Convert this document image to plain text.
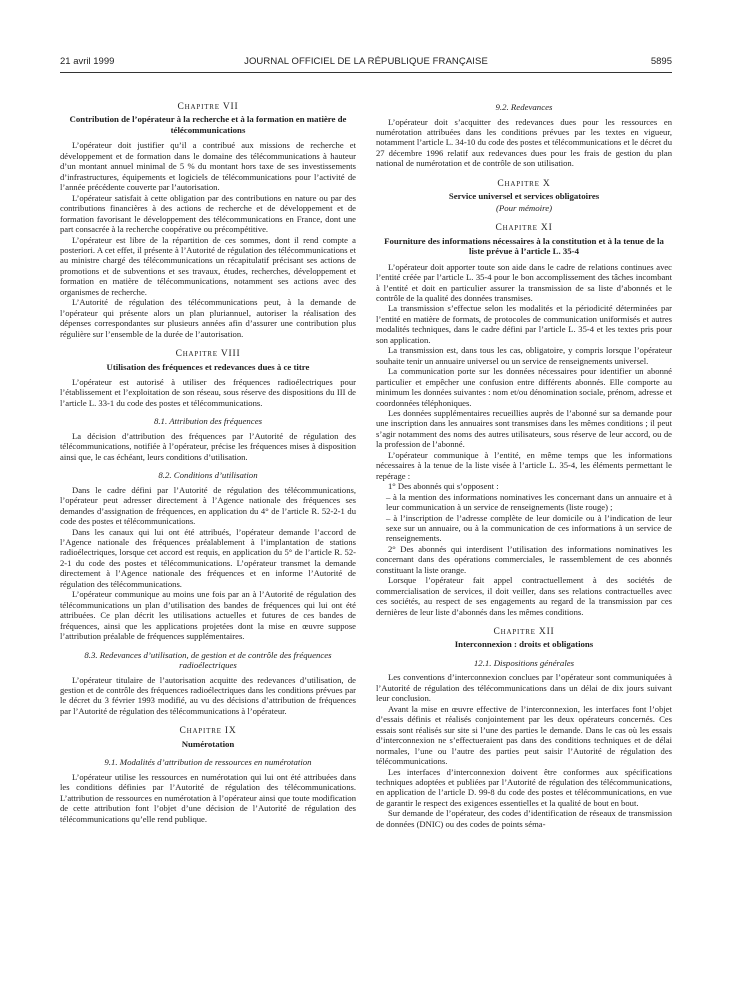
21 avril 1999	JOURNAL OFFICIEL DE LA RÉPUBLIQUE FRANÇAISE	5895
Chapitre VII
Contribution de l’opérateur à la recherche et à la formation en matière de télécommunications

L’opérateur doit justifier qu’il a contribué aux missions de recherche et développement et de formation dans le domaine des télécommunications à hauteur d’un montant annuel minimal de 5 % du montant hors taxe de ses investissements d’infrastructures, équipements et logiciels de télécommunications pour l’activité de l’année précédente couverte par l’autorisation.

L’opérateur satisfait à cette obligation par des contributions en nature ou par des contributions financières à des actions de recherche et de développement et de formation favorisant le développement des télécommunications en France, dont une part consacrée à la recherche coopérative ou précompétitive.

L’opérateur est libre de la répartition de ces sommes, dont il rend compte a posteriori. A cet effet, il présente à l’Autorité de régulation des télécommunications et au ministre chargé des télécommunications un récapitulatif précisant ses actions de promotions et de subventions et ses travaux, études, recherches, développement et formation en matière de télécommunications, notamment ses actions avec des organismes de recherche.

L’Autorité de régulation des télécommunications peut, à la demande de l’opérateur qui présente alors un plan pluriannuel, autoriser la réalisation des dépenses correspondantes sur plusieurs années afin d’assurer une contribution plus régulière sur l’ensemble de la durée de l’autorisation.

Chapitre VIII
Utilisation des fréquences et redevances dues à ce titre

L’opérateur est autorisé à utiliser des fréquences radioélectriques pour l’établissement et l’exploitation de son réseau, sous réserve des dispositions du III de l’article L. 33-1 du code des postes et télécommunications.

8.1. Attribution des fréquences

La décision d’attribution des fréquences par l’Autorité de régulation des télécommunications, notifiée à l’opérateur, précise les fréquences mises à disposition ainsi que, le cas échéant, leurs conditions d’utilisation.

8.2. Conditions d’utilisation

Dans le cadre défini par l’Autorité de régulation des télécommunications, l’opérateur peut adresser directement à l’Agence nationale des fréquences ses demandes d’assignation de fréquences, en application du 4° de l’article R. 52-2-1 du code des postes et télécommunications.

Dans les canaux qui lui ont été attribués, l’opérateur demande l’accord de l’Agence nationale des fréquences préalablement à l’implantation de stations radioélectriques, lorsque cet accord est requis, en application du 5° de l’article R. 52-2-1 du code des postes et télécommunications. L’opérateur transmet la demande directement à l’Agence nationale des fréquences et en informe l’Autorité de régulation des télécommunications.

L’opérateur communique au moins une fois par an à l’Autorité de régulation des télécommunications un plan d’utilisation des bandes de fréquences qui lui ont été attribuées. Ce plan décrit les utilisations actuelles et futures de ces bandes de fréquences, ainsi que les applications projetées dont la mise en œuvre suppose l’attribution préalable de fréquences supplémentaires.

8.3. Redevances d’utilisation, de gestion et de contrôle des fréquences radioélectriques

L’opérateur titulaire de l’autorisation acquitte des redevances d’utilisation, de gestion et de contrôle des fréquences radioélectriques dans les conditions prévues par le décret du 3 février 1993 modifié, au vu des décisions d’attribution de fréquences par l’Autorité de régulation des télécommunications à l’opérateur.

Chapitre IX
Numérotation
9.1. Modalités d’attribution de ressources en numérotation

L’opérateur utilise les ressources en numérotation qui lui ont été attribuées dans les conditions définies par l’Autorité de régulation des télécommunications. L’attribution de ressources en numérotation à l’opérateur ainsi que toute modification de cette attribution font l’objet d’une décision de l’Autorité de régulation des télécommunications qu’elle rend publique.

9.2. Redevances

L’opérateur doit s’acquitter des redevances dues pour les ressources en numérotation attribuées dans les conditions prévues par les textes en vigueur, notamment l’article L. 34-10 du code des postes et télécommunications et le décret du 27 décembre 1996 relatif aux redevances dues pour les frais de gestion du plan national de numérotation et de contrôle de son utilisation.

Chapitre X
Service universel et services obligatoires
(Pour mémoire)
Chapitre XI
Fourniture des informations nécessaires à la constitution et à la tenue de la liste prévue à l’article L. 35-4

L’opérateur doit apporter toute son aide dans le cadre de relations continues avec l’entité créée par l’article L. 35-4 pour le bon accomplissement des tâches incombant à l’entité et doit en particulier assurer la transmission de sa liste d’abonnés et le contrôle de la qualité des données transmises.

La transmission s’effectue selon les modalités et la périodicité déterminées par l’entité en matière de formats, de protocoles de communication uniformisés et autres modalités techniques, dans le cadre défini par l’article L. 35-4 et les textes pris pour son application.

La transmission est, dans tous les cas, obligatoire, y compris lorsque l’opérateur souhaite tenir un annuaire universel ou un service de renseignements universel.

La communication porte sur les données nécessaires pour identifier un abonné particulier et empêcher une confusion entre différents abonnés. Elle comporte au minimum les données suivantes : nom et/ou dénomination sociale, prénom, adresse et coordonnées téléphoniques.

Les données supplémentaires recueillies auprès de l’abonné sur sa demande pour une inscription dans les annuaires sont transmises dans les mêmes conditions ; il peut s’agir notamment des noms des autres utilisateurs, sous réserve de leur accord, ou de la profession de l’abonné.

L’opérateur communique à l’entité, en même temps que les informations nécessaires à la tenue de la liste visée à l’article L. 35-4, les éléments permettant le repérage :

1° Des abonnés qui s’opposent :

– à la mention des informations nominatives les concernant dans un annuaire et à leur communication à un service de renseignements (liste rouge) ;

– à l’inscription de l’adresse complète de leur domicile ou à l’indication de leur sexe sur un annuaire, ou à la communication de ces informations à un service de renseignements.

2° Des abonnés qui interdisent l’utilisation des informations nominatives les concernant dans des opérations commerciales, le rassemblement de ces abonnés constituant la liste orange.

Lorsque l’opérateur fait appel contractuellement à des sociétés de commercialisation de services, il doit veiller, dans ses relations contractuelles avec ces sociétés, au respect de ses engagements au regard de la transmission par ces dernières de leur liste d’abonnés dans les mêmes conditions.

Chapitre XII
Interconnexion : droits et obligations
12.1. Dispositions générales

Les conventions d’interconnexion conclues par l’opérateur sont communiquées à l’Autorité de régulation des télécommunications dans un délai de dix jours suivant leur conclusion.

Avant la mise en œuvre effective de l’interconnexion, les interfaces font l’objet d’essais définis et réalisés conjointement par les deux opérateurs concernés. Ces essais sont réalisés sur site si l’une des parties le demande. Dans le cas où les essais d’interconnexion ne s’effectueraient pas dans des conditions techniques et de délai normales, l’une ou l’autre des parties peut saisir l’Autorité de régulation des télécommunications.

Les interfaces d’interconnexion doivent être conformes aux spécifications techniques adoptées et publiées par l’Autorité de régulation des télécommunications, en application de l’article D. 99-8 du code des postes et télécommunications, en vue de garantir le respect des exigences essentielles et la qualité de bout en bout.

Sur demande de l’opérateur, des codes d’identification de réseaux de transmission de données (DNIC) ou des codes de points séma-
